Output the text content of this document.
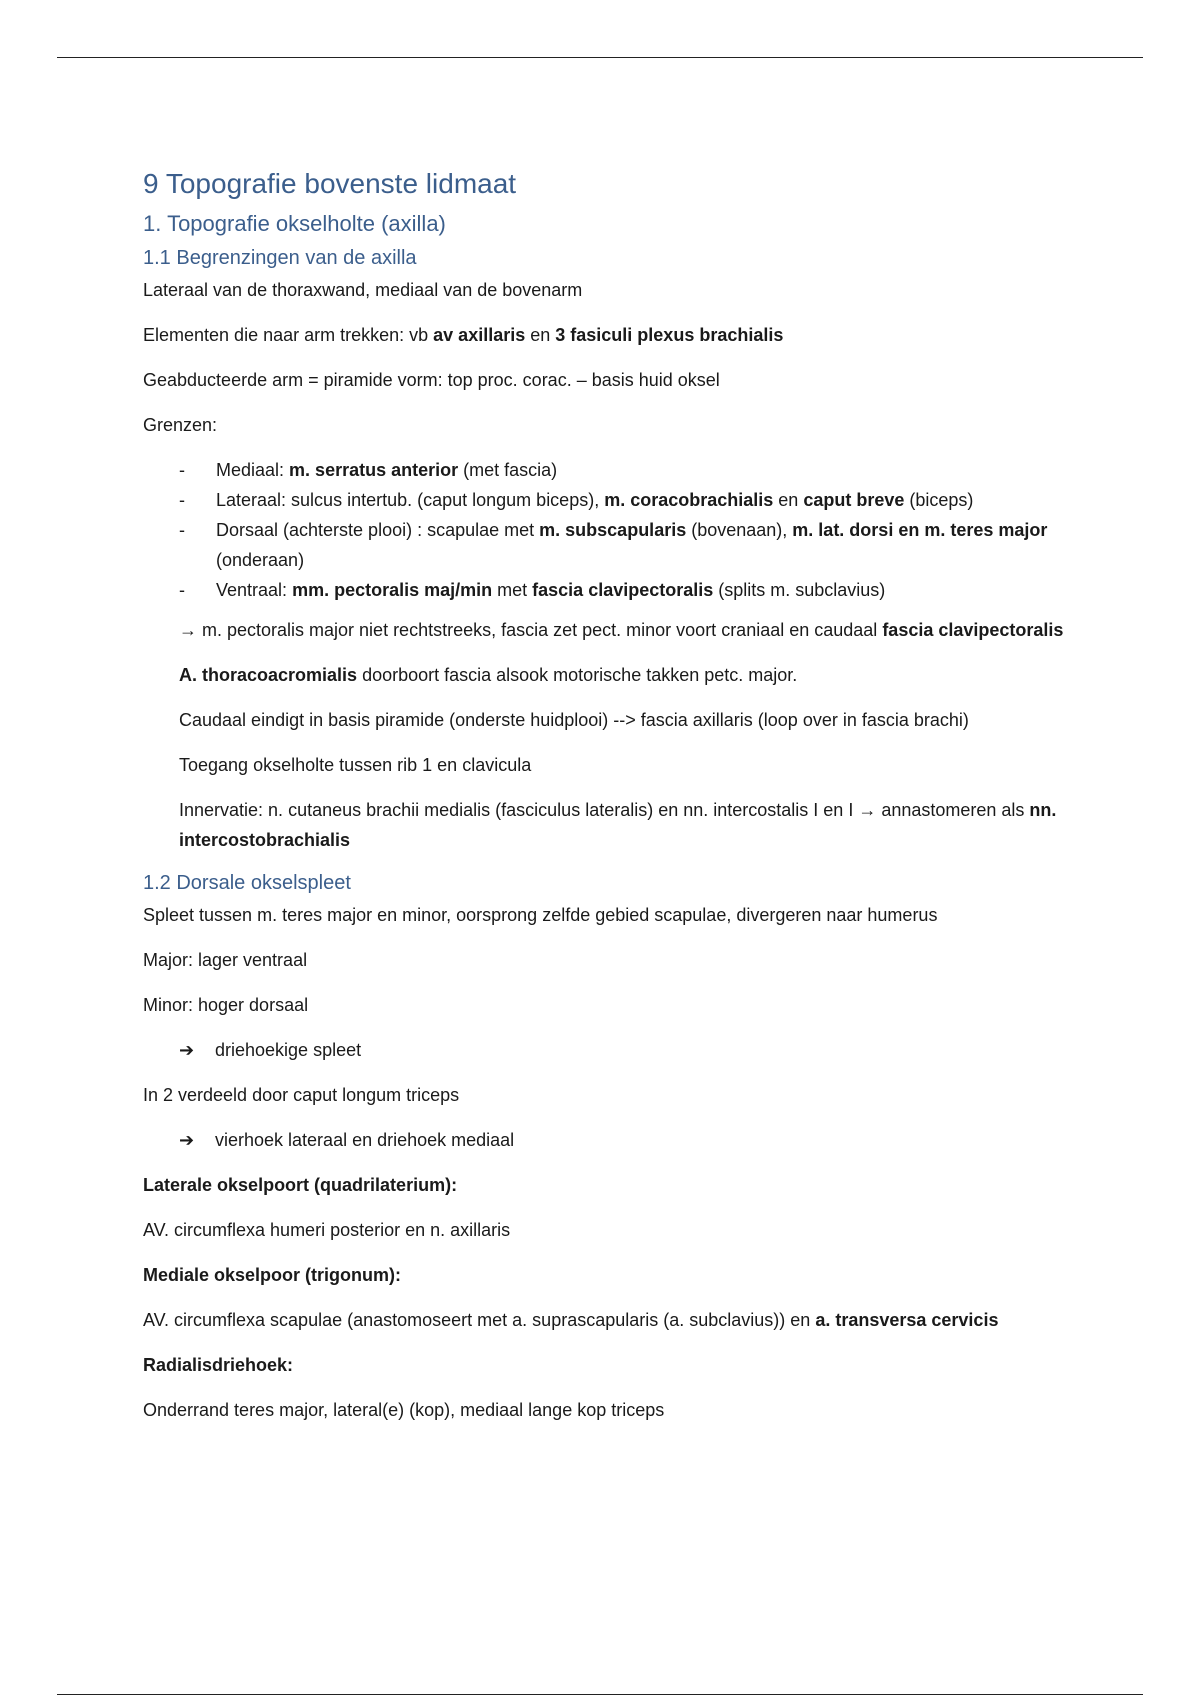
9 Topografie bovenste lidmaat
1. Topografie okselholte (axilla)
1.1 Begrenzingen van de axilla

Lateraal van de thoraxwand, mediaal van de bovenarm

Elementen die naar arm trekken: vb av axillaris en 3 fasiculi plexus brachialis

Geabducteerde arm = piramide vorm: top proc. corac. – basis huid oksel

Grenzen:

- Mediaal: m. serratus anterior (met fascia)
- Lateraal: sulcus intertub. (caput longum biceps), m. coracobrachialis en caput breve (biceps)
- Dorsaal (achterste plooi) : scapulae met m. subscapularis (bovenaan), m. lat. dorsi en m. teres major (onderaan)
- Ventraal: mm. pectoralis maj/min met fascia clavipectoralis (splits m. subclavius)

→ m. pectoralis major niet rechtstreeks, fascia zet pect. minor voort craniaal en caudaal fascia clavipectoralis

A. thoracoacromialis doorboort fascia alsook motorische takken petc. major.

Caudaal eindigt in basis piramide (onderste huidplooi) --> fascia axillaris (loop over in fascia brachi)

Toegang okselholte tussen rib 1 en clavicula

Innervatie: n. cutaneus brachii medialis (fasciculus lateralis) en nn. intercostalis I en I → annastomeren als nn. intercostobrachialis

1.2 Dorsale okselspleet

Spleet tussen m. teres major en minor, oorsprong zelfde gebied scapulae, divergeren naar humerus

Major: lager ventraal

Minor: hoger dorsaal

➔ driehoekige spleet

In 2 verdeeld door caput longum triceps

➔ vierhoek lateraal en driehoek mediaal

Laterale okselpoort (quadrilaterium):

AV. circumflexa humeri posterior en n. axillaris

Mediale okselpoor (trigonum):

AV. circumflexa scapulae (anastomoseert met a. suprascapularis (a. subclavius)) en a. transversa cervicis

Radialisdriehoek:

Onderrand teres major, lateral(e) (kop), mediaal lange kop triceps
